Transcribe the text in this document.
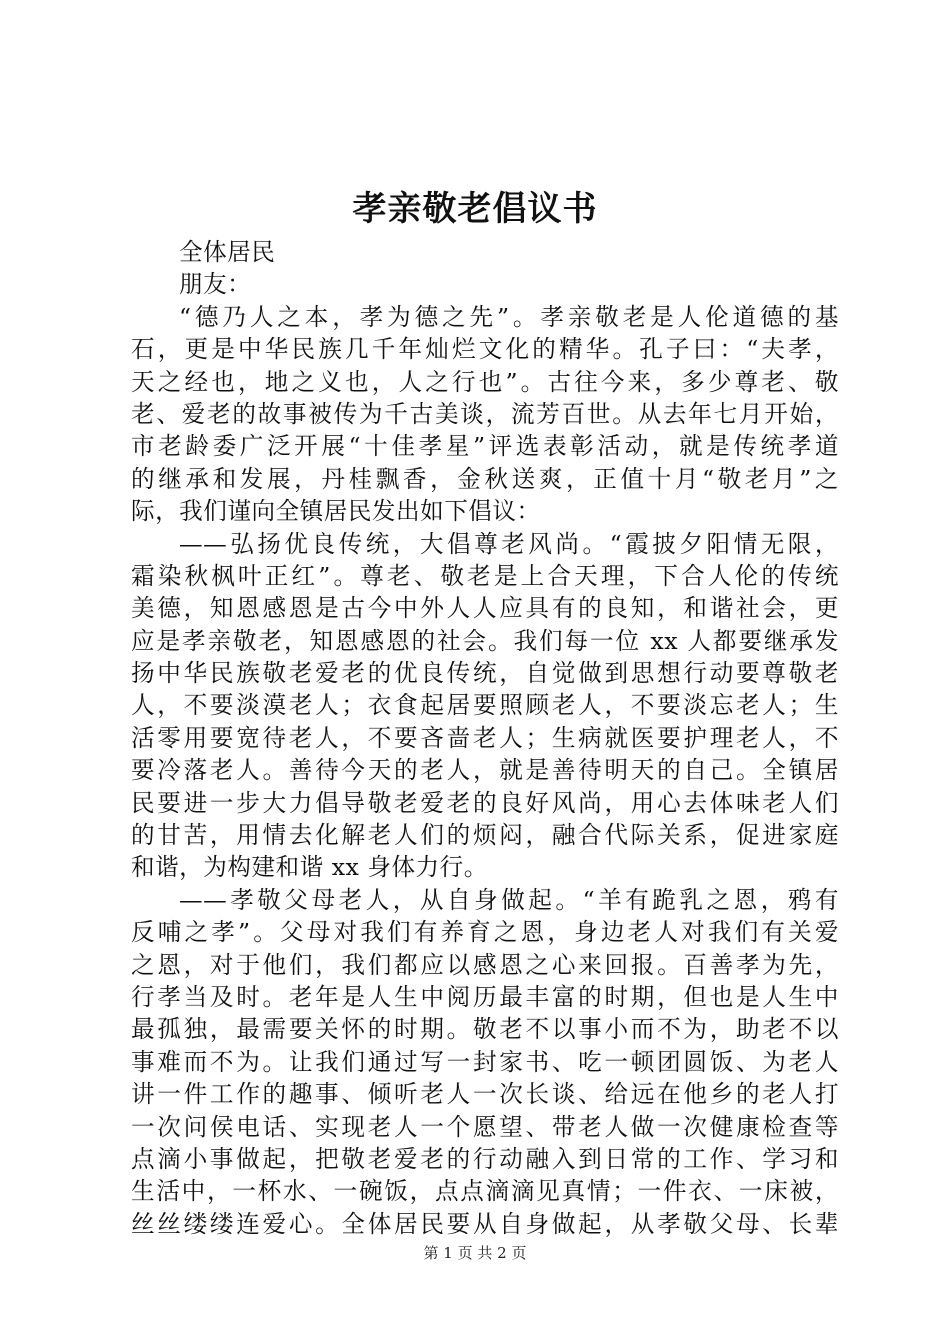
孝亲敬老倡议书
全体居民
朋友：
“德乃人之本，孝为德之先”。孝亲敬老是人伦道德的基
石，更是中华民族几千年灿烂文化的精华。孔子曰：“夫孝，
天之经也，地之义也，人之行也”。古往今来，多少尊老、敬
老、爱老的故事被传为千古美谈，流芳百世。从去年七月开始，
市老龄委广泛开展“十佳孝星”评选表彰活动，就是传统孝道
的继承和发展，丹桂飘香，金秋送爽，正值十月“敬老月”之
际，我们谨向全镇居民发出如下倡议：
——弘扬优良传统，大倡尊老风尚。“霞披夕阳情无限，
霜染秋枫叶正红”。尊老、敬老是上合天理，下合人伦的传统
美德，知恩感恩是古今中外人人应具有的良知，和谐社会，更
应是孝亲敬老，知恩感恩的社会。我们每一位 xx 人都要继承发
扬中华民族敬老爱老的优良传统，自觉做到思想行动要尊敬老
人，不要淡漠老人；衣食起居要照顾老人，不要淡忘老人；生
活零用要宽待老人，不要吝啬老人；生病就医要护理老人，不
要冷落老人。善待今天的老人，就是善待明天的自己。全镇居
民要进一步大力倡导敬老爱老的良好风尚，用心去体味老人们
的甘苦，用情去化解老人们的烦闷，融合代际关系，促进家庭
和谐，为构建和谐 xx 身体力行。
——孝敬父母老人，从自身做起。“羊有跪乳之恩，鸦有
反哺之孝”。父母对我们有养育之恩，身边老人对我们有关爱
之恩，对于他们，我们都应以感恩之心来回报。百善孝为先，
行孝当及时。老年是人生中阅历最丰富的时期，但也是人生中
最孤独，最需要关怀的时期。敬老不以事小而不为，助老不以
事难而不为。让我们通过写一封家书、吃一顿团圆饭、为老人
讲一件工作的趣事、倾听老人一次长谈、给远在他乡的老人打
一次问侯电话、实现老人一个愿望、带老人做一次健康检查等
点滴小事做起，把敬老爱老的行动融入到日常的工作、学习和
生活中，一杯水、一碗饭，点点滴滴见真情；一件衣、一床被，
丝丝缕缕连爱心。全体居民要从自身做起，从孝敬父母、长辈
第 1 页 共 2 页
